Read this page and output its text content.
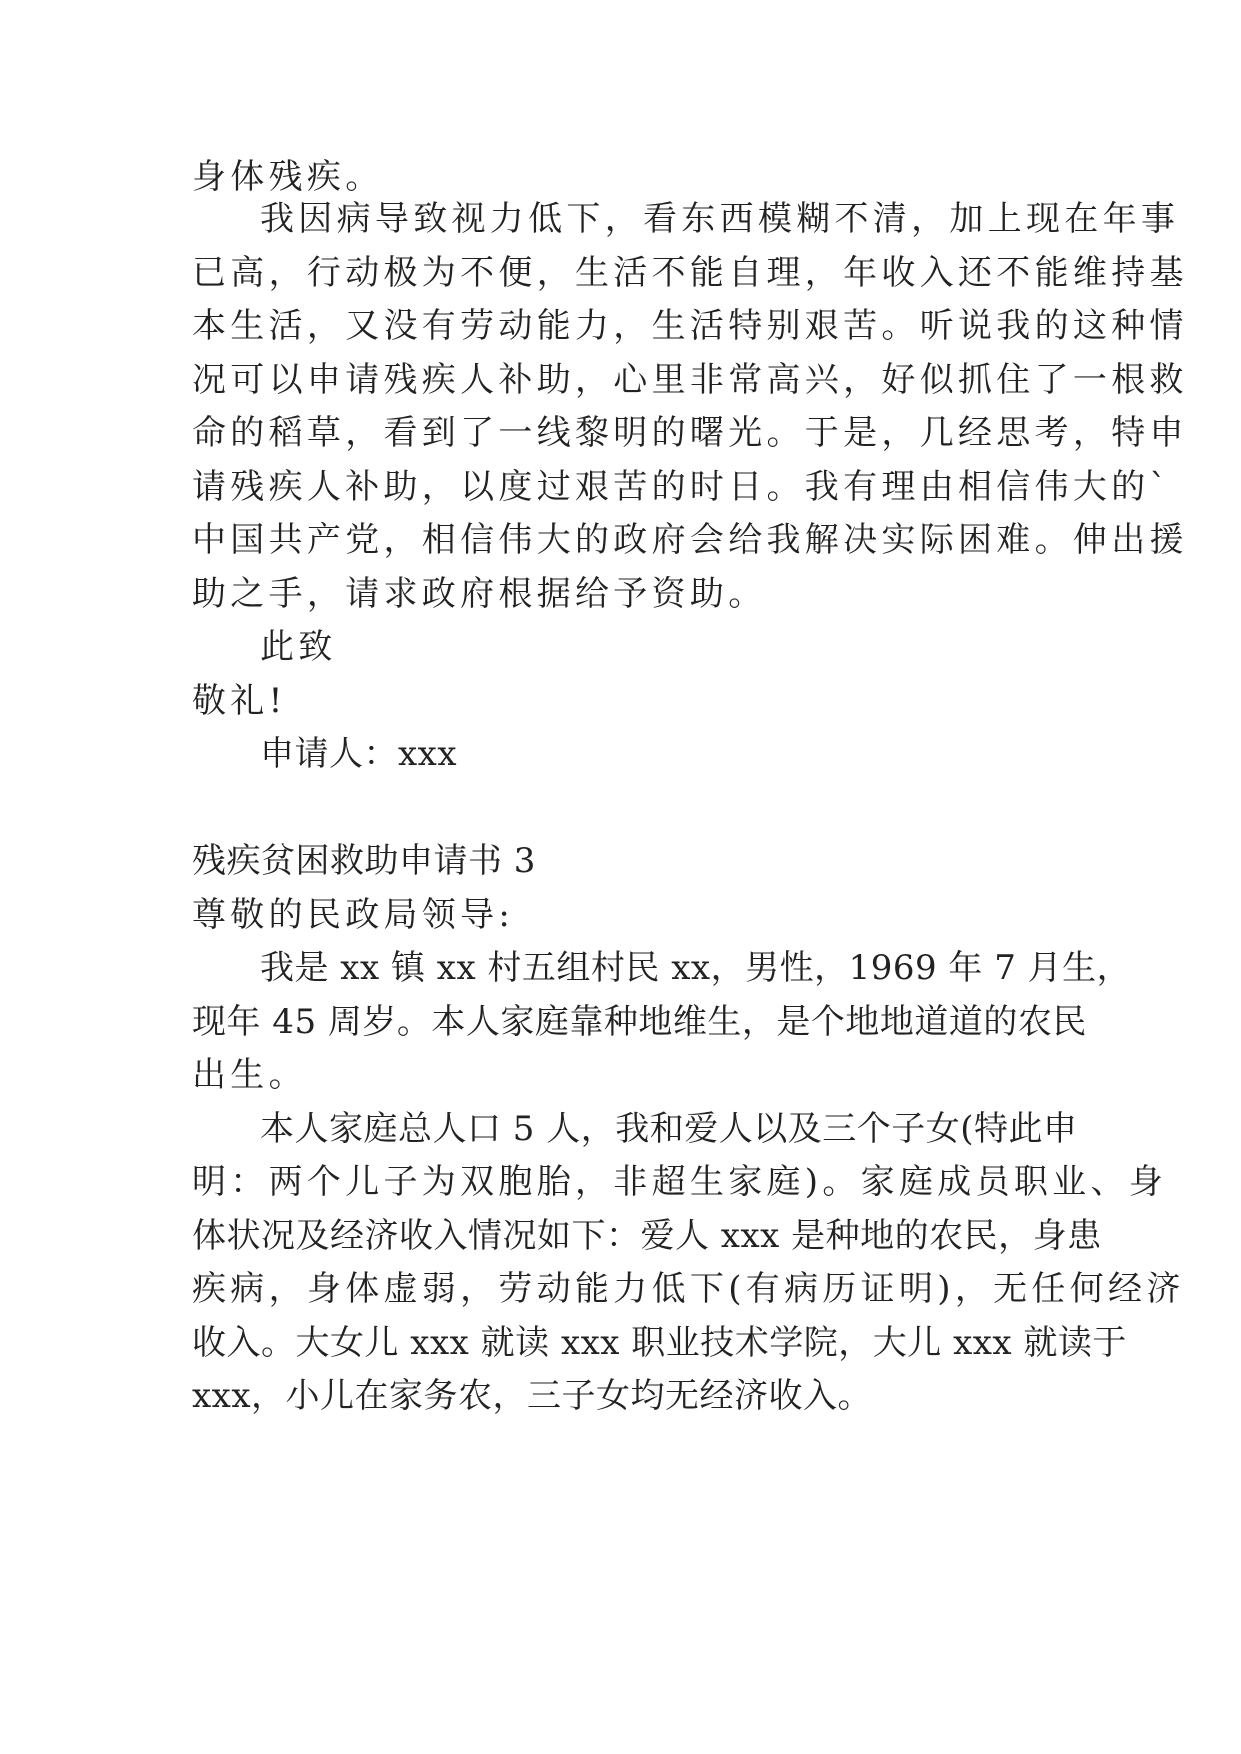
身体残疾。
我因病导致视力低下，看东西模糊不清，加上现在年事
已高，行动极为不便，生活不能自理，年收入还不能维持基
本生活，又没有劳动能力，生活特别艰苦。听说我的这种情
况可以申请残疾人补助，心里非常高兴，好似抓住了一根救
命的稻草，看到了一线黎明的曙光。于是，几经思考，特申
请残疾人补助，以度过艰苦的时日。我有理由相信伟大的`
中国共产党，相信伟大的政府会给我解决实际困难。伸出援
助之手，请求政府根据给予资助。
此致
敬礼!
申请人：xxx
残疾贫困救助申请书 3
尊敬的民政局领导:
我是 xx 镇 xx 村五组村民 xx，男性，1969 年 7 月生，
现年 45 周岁。本人家庭靠种地维生，是个地地道道的农民
出生。
本人家庭总人口 5 人，我和爱人以及三个子女(特此申
明：两个儿子为双胞胎，非超生家庭)。家庭成员职业、身
体状况及经济收入情况如下：爱人 xxx 是种地的农民，身患
疾病，身体虚弱，劳动能力低下(有病历证明)，无任何经济
收入。大女儿 xxx 就读 xxx 职业技术学院，大儿 xxx 就读于
xxx，小儿在家务农，三子女均无经济收入。
